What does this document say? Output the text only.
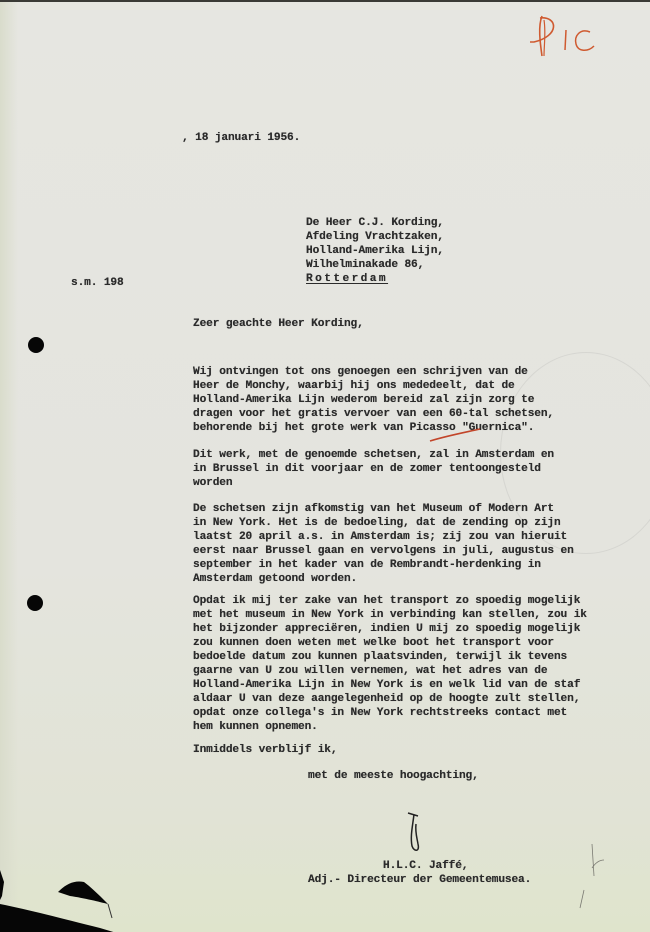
, 18 januari 1956.
De Heer C.J. Kording,
Afdeling Vrachtzaken,
Holland-Amerika Lijn,
Wilhelminakade 86,
Rotterdam
s.m. 198
Zeer geachte Heer Kording,
Wij ontvingen tot ons genoegen een schrijven van de
Heer de Monchy, waarbij hij ons mededeelt, dat de
Holland-Amerika Lijn wederom bereid zal zijn zorg te
dragen voor het gratis vervoer van een 60-tal schetsen,
behorende bij het grote werk van Picasso "Guernica".
Dit werk, met de genoemde schetsen, zal in Amsterdam en
in Brussel in dit voorjaar en de zomer tentoongesteld
worden
De schetsen zijn afkomstig van het Museum of Modern Art
in New York. Het is de bedoeling, dat de zending op zijn
laatst 20 april a.s. in Amsterdam is; zij zou van hieruit
eerst naar Brussel gaan en vervolgens in juli, augustus en
september in het kader van de Rembrandt-herdenking in
Amsterdam getoond worden.
Opdat ik mij ter zake van het transport zo spoedig mogelijk
met het museum in New York in verbinding kan stellen, zou ik
het bijzonder appreciëren, indien U mij zo spoedig mogelijk
zou kunnen doen weten met welke boot het transport voor
bedoelde datum zou kunnen plaatsvinden, terwijl ik tevens
gaarne van U zou willen vernemen, wat het adres van de
Holland-Amerika Lijn in New York is en welk lid van de staf
aldaar U van deze aangelegenheid op de hoogte zult stellen,
opdat onze collega's in New York rechtstreeks contact met
hem kunnen opnemen.
Inmiddels verblijf ik,
met de meeste hoogachting,
H.L.C. Jaffé,
Adj.- Directeur der Gemeentemusea.
